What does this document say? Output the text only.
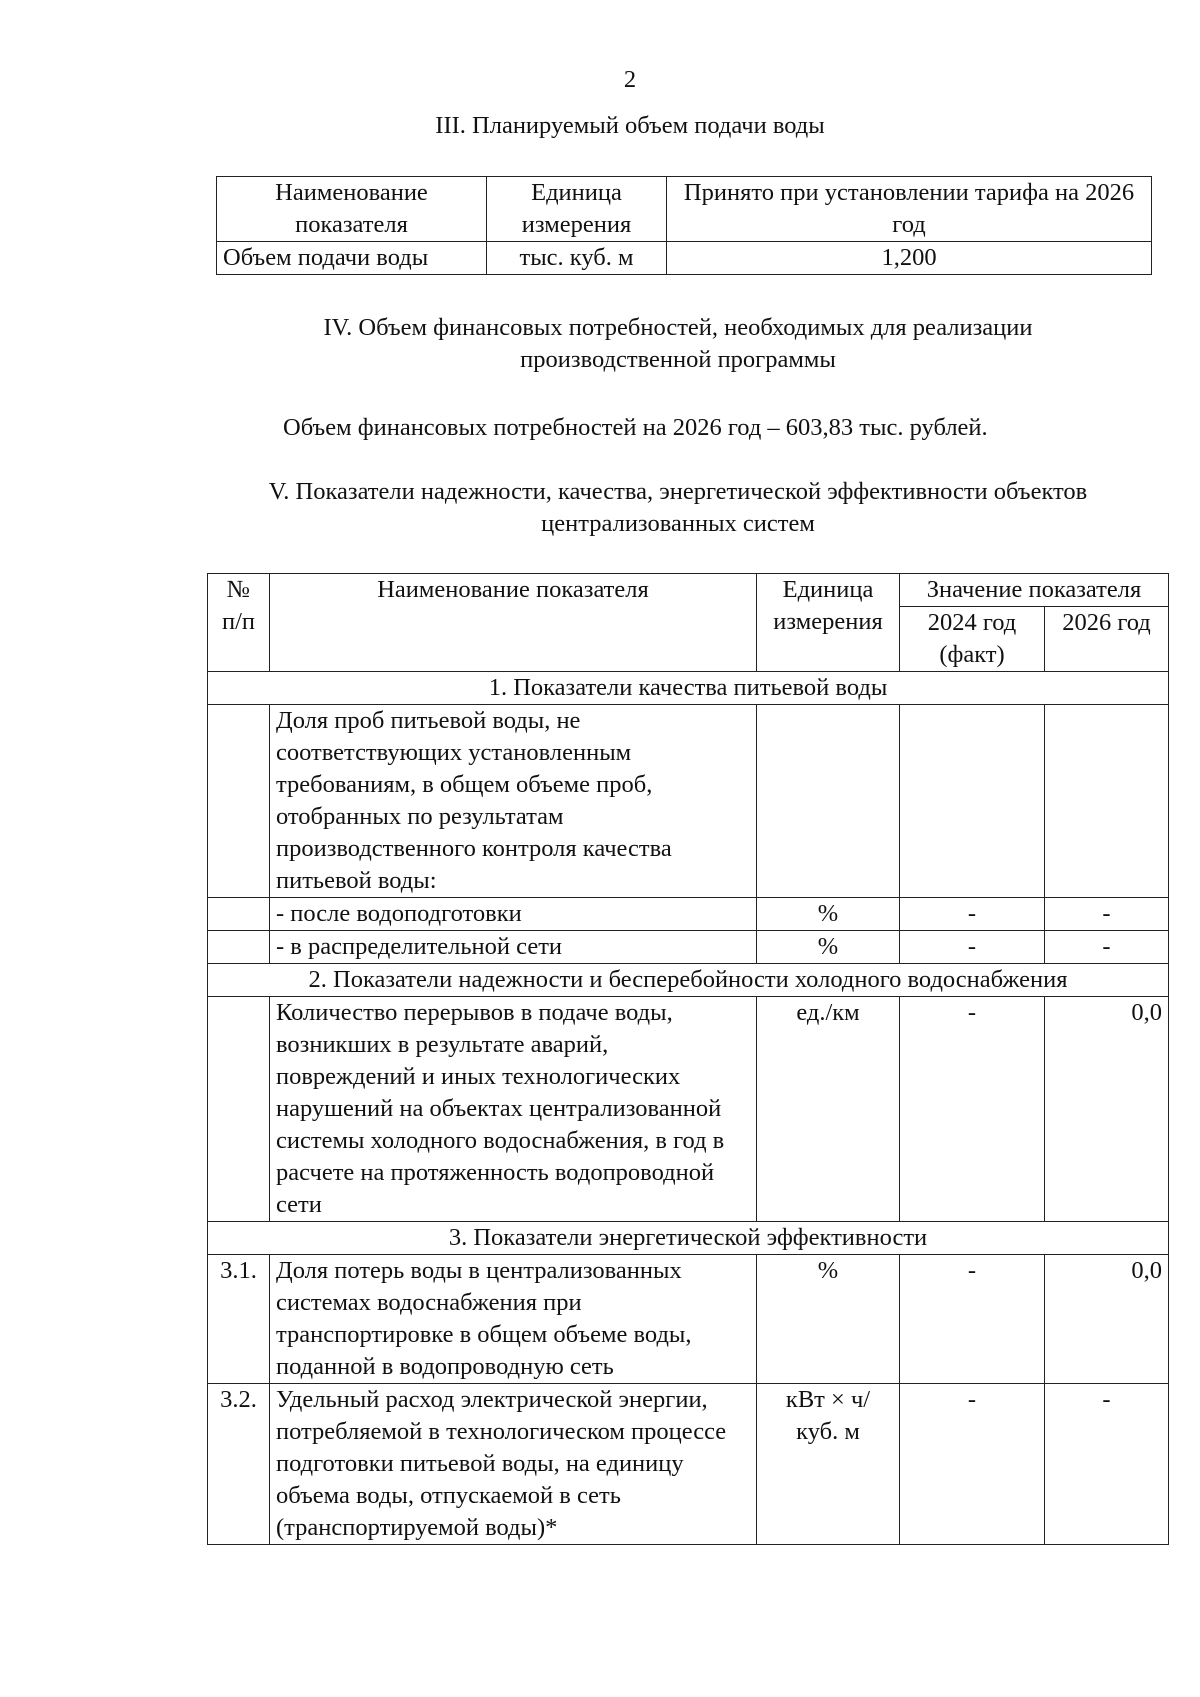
2
III. Планируемый объем подачи воды
Наименование показателя	Единица измерения	Принято при установлении тарифа на 2026 год
Объем подачи воды	тыс. куб. м	1,200
IV. Объем финансовых потребностей, необходимых для реализации производственной программы
Объем финансовых потребностей на 2026 год – 603,83 тыс. рублей.
V. Показатели надежности, качества, энергетической эффективности объектов централизованных систем
№ п/п	Наименование показателя	Единица измерения	Значение показателя	
			2024 год (факт)	2026 год
1. Показатели качества питьевой воды				
	Доля проб питьевой воды, не соответствующих установленным требованиям, в общем объеме проб, отобранных по результатам производственного контроля качества питьевой воды:			
	- после водоподготовки	%	-	-
	- в распределительной сети	%	-	-
2. Показатели надежности и бесперебойности холодного водоснабжения				
	Количество перерывов в подаче воды, возникших в результате аварий, повреждений и иных технологических нарушений на объектах централизованной системы холодного водоснабжения, в год в расчете на протяженность водопроводной сети	ед./км	-	0,0
3. Показатели энергетической эффективности				
3.1.	Доля потерь воды в централизованных системах водоснабжения при транспортировке в общем объеме воды, поданной в водопроводную сеть	%	-	0,0
3.2.	Удельный расход электрической энергии, потребляемой в технологическом процессе подготовки питьевой воды, на единицу объема воды, отпускаемой в сеть (транспортируемой воды)*	кВт × ч/ куб. м	-	-
